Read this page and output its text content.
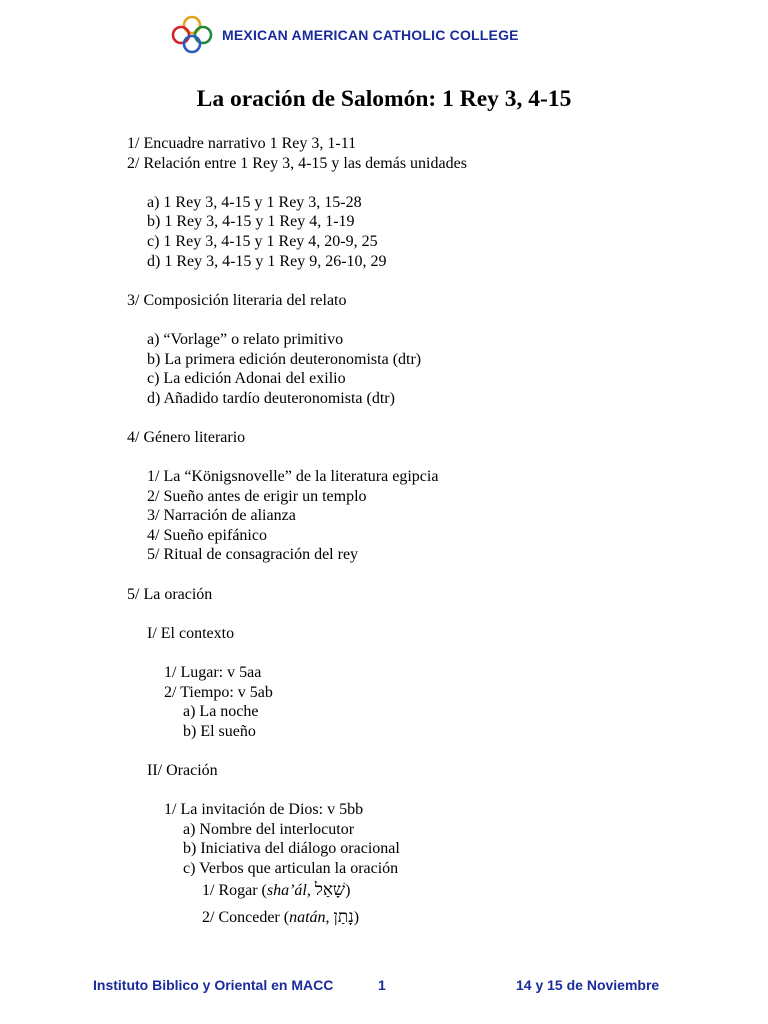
MEXICAN AMERICAN CATHOLIC COLLEGE
La oración de Salomón: 1 Rey 3, 4-15
1/ Encuadre narrativo 1 Rey 3, 1-11
2/ Relación entre 1 Rey 3, 4-15 y las demás unidades
a) 1 Rey 3, 4-15 y 1 Rey 3, 15-28
b) 1 Rey 3, 4-15 y 1 Rey 4, 1-19
c) 1 Rey 3, 4-15 y 1 Rey 4, 20-9, 25
d) 1 Rey 3, 4-15 y 1 Rey 9, 26-10, 29
3/ Composición literaria del relato
a) “Vorlage” o relato primitivo
b) La primera edición deuteronomista (dtr)
c) La edición Adonai del exilio
d) Añadido tardío deuteronomista (dtr)
4/ Género literario
1/ La “Königsnovelle” de la literatura egipcia
2/ Sueño antes de erigir un templo
3/ Narración de alianza
4/ Sueño epifánico
5/ Ritual de consagración del rey
5/ La oración
I/ El contexto
1/ Lugar: v 5aa
2/ Tiempo: v 5ab
a) La noche
b) El sueño
II/ Oración
1/ La invitación de Dios: v 5bb
a) Nombre del interlocutor
b) Iniciativa del diálogo oracional
c) Verbos que articulan la oración
1/ Rogar (sha’ál, שָׁאַל)
2/ Conceder (natán, נָתַן)
Instituto Biblico y Oriental en MACC	1	14 y 15 de Noviembre
